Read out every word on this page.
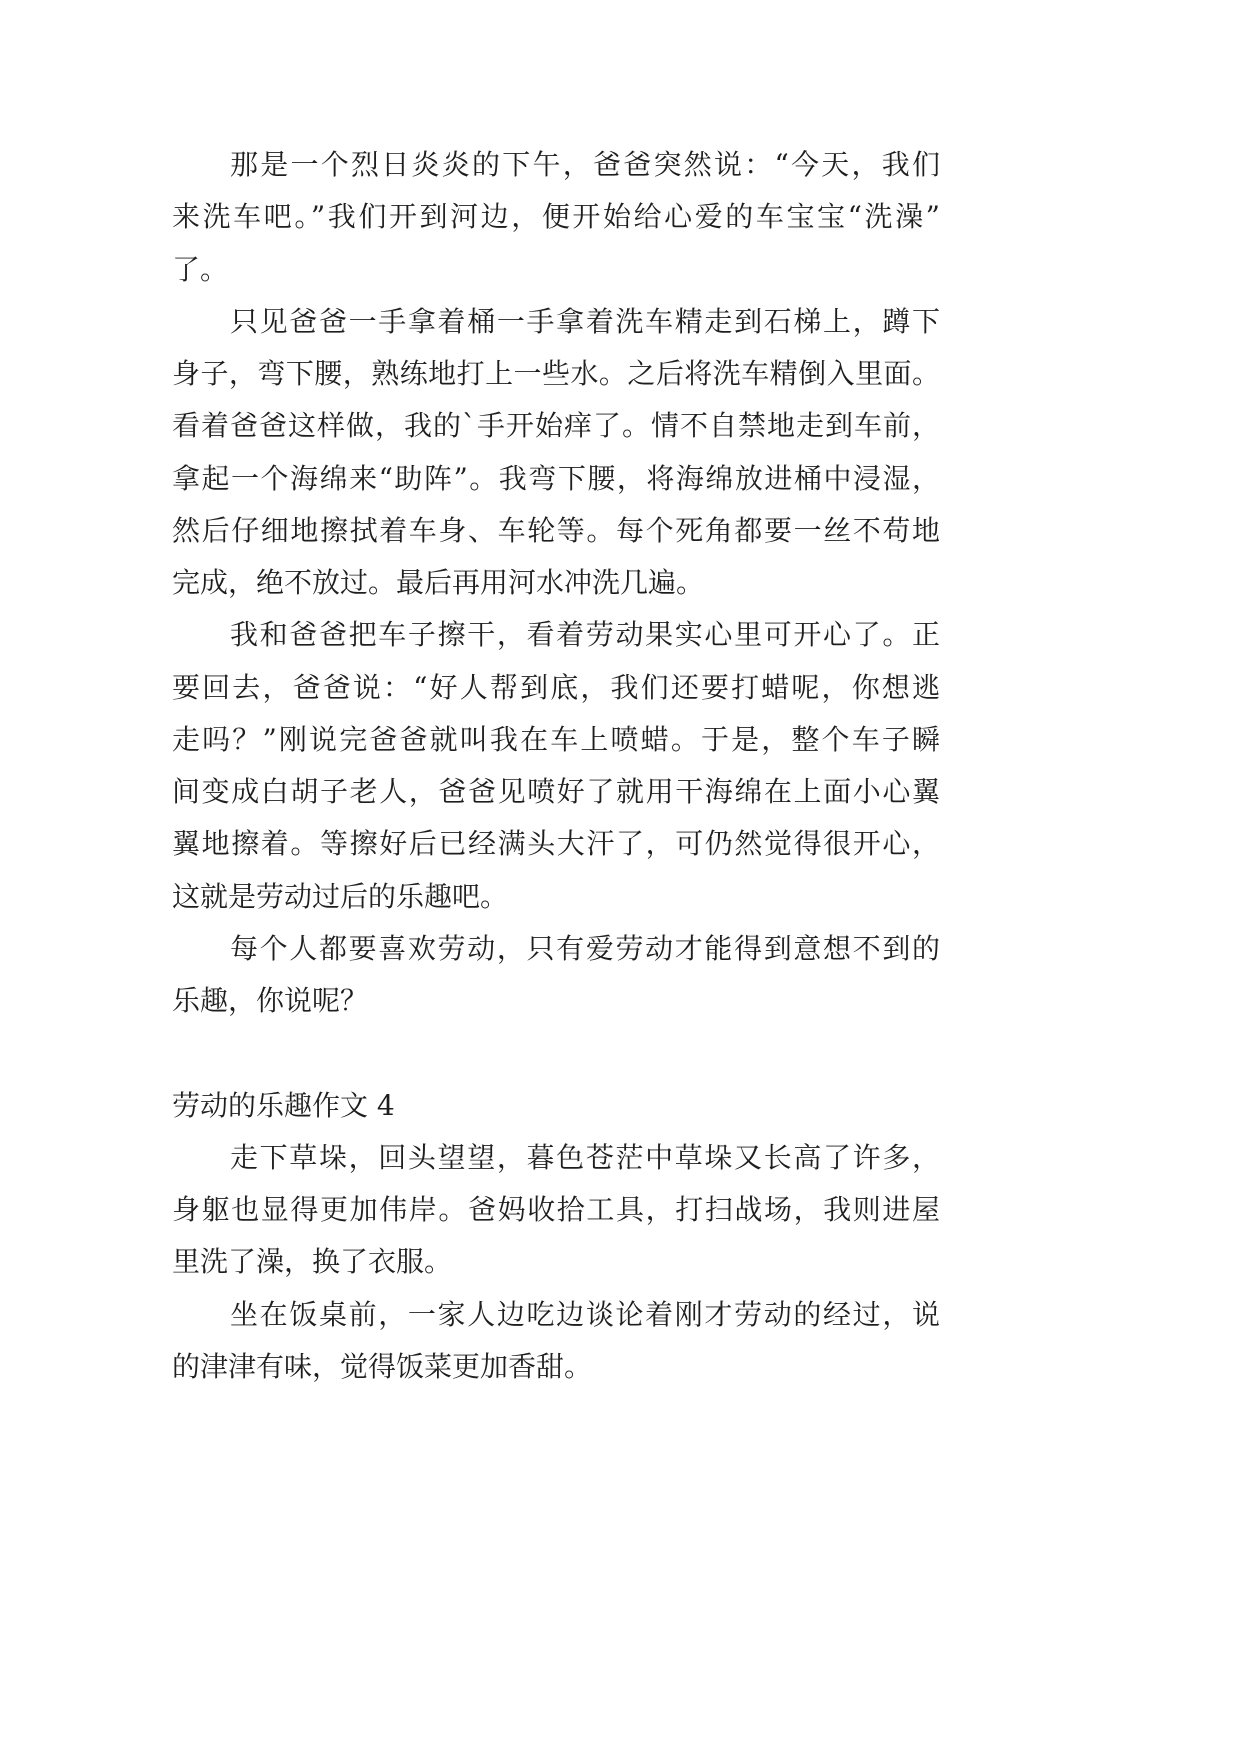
那是一个烈日炎炎的下午，爸爸突然说：“今天，我们
来洗车吧。”我们开到河边，便开始给心爱的车宝宝“洗澡”
了。
只见爸爸一手拿着桶一手拿着洗车精走到石梯上，蹲下
身子，弯下腰，熟练地打上一些水。之后将洗车精倒入里面。
看着爸爸这样做，我的`手开始痒了。情不自禁地走到车前，
拿起一个海绵来“助阵”。我弯下腰，将海绵放进桶中浸湿，
然后仔细地擦拭着车身、车轮等。每个死角都要一丝不苟地
完成，绝不放过。最后再用河水冲洗几遍。
我和爸爸把车子擦干，看着劳动果实心里可开心了。正
要回去，爸爸说：“好人帮到底，我们还要打蜡呢，你想逃
走吗？”刚说完爸爸就叫我在车上喷蜡。于是，整个车子瞬
间变成白胡子老人，爸爸见喷好了就用干海绵在上面小心翼
翼地擦着。等擦好后已经满头大汗了，可仍然觉得很开心，
这就是劳动过后的乐趣吧。
每个人都要喜欢劳动，只有爱劳动才能得到意想不到的
乐趣，你说呢？
劳动的乐趣作文 4
走下草垛，回头望望，暮色苍茫中草垛又长高了许多，
身躯也显得更加伟岸。爸妈收拾工具，打扫战场，我则进屋
里洗了澡，换了衣服。
坐在饭桌前，一家人边吃边谈论着刚才劳动的经过，说
的津津有味，觉得饭菜更加香甜。
